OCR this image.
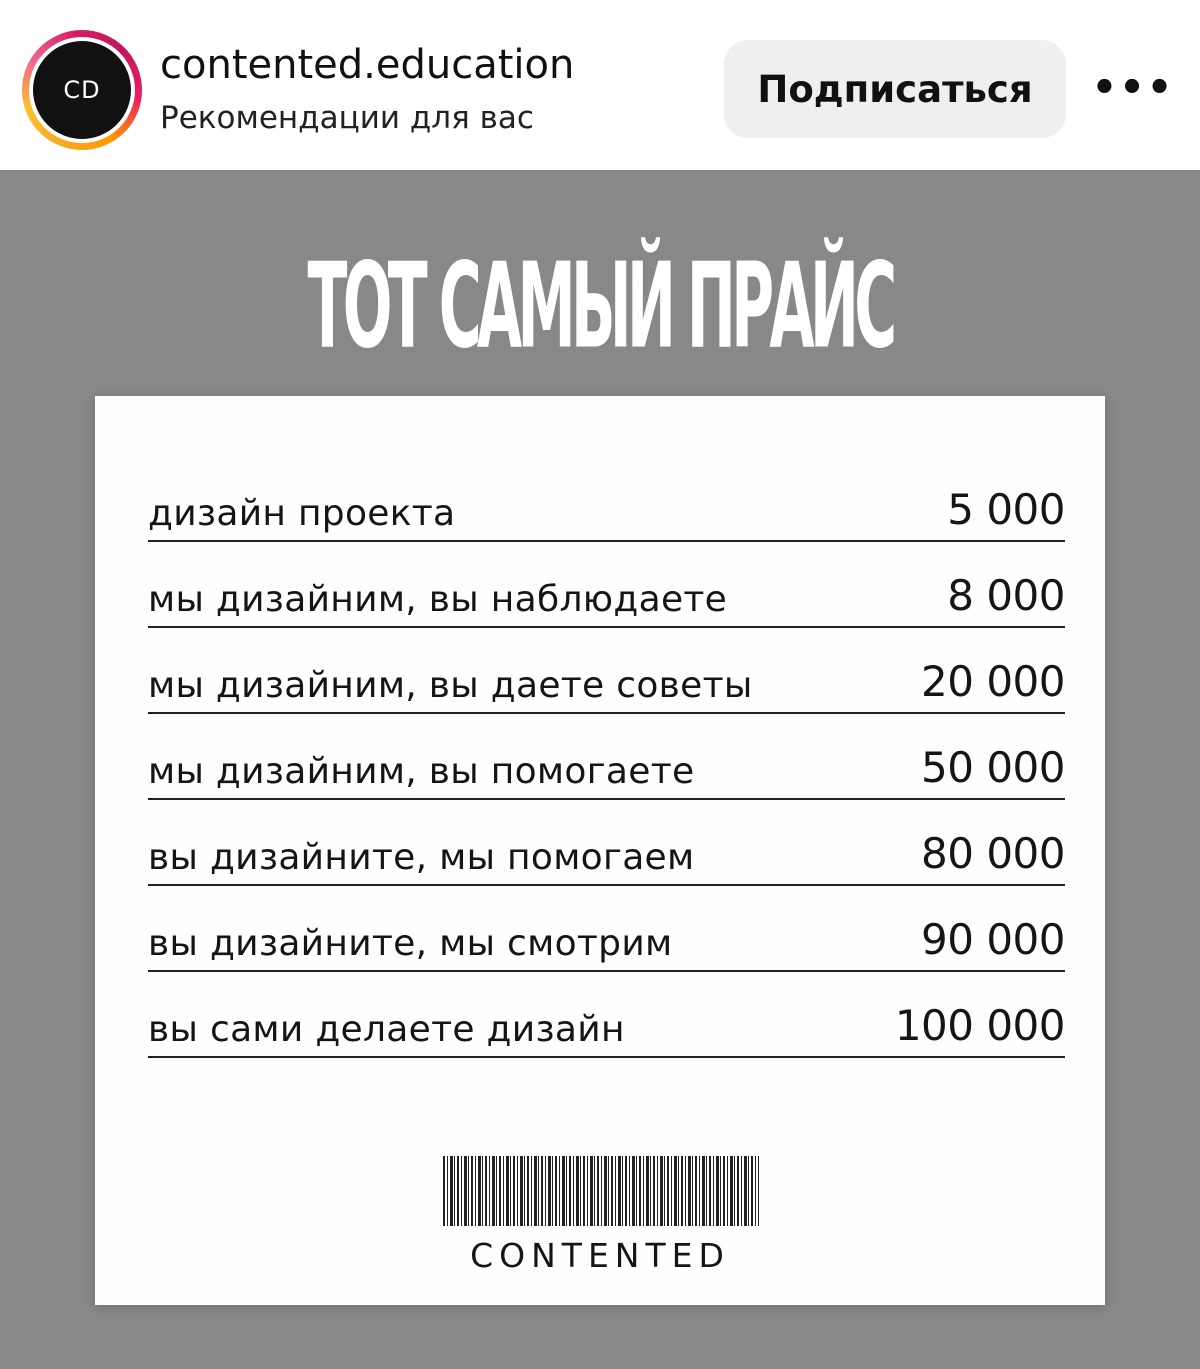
CD
contented.education
Рекомендации для вас
Подписаться	•••
ТОТ САМЫЙ ПРАЙС
дизайн проекта	5 000
мы дизайним, вы наблюдаете	8 000
мы дизайним, вы даете советы	20 000
мы дизайним, вы помогаете	50 000
вы дизайните, мы помогаем	80 000
вы дизайните, мы смотрим	90 000
вы сами делаете дизайн	100 000
CONTENTED
